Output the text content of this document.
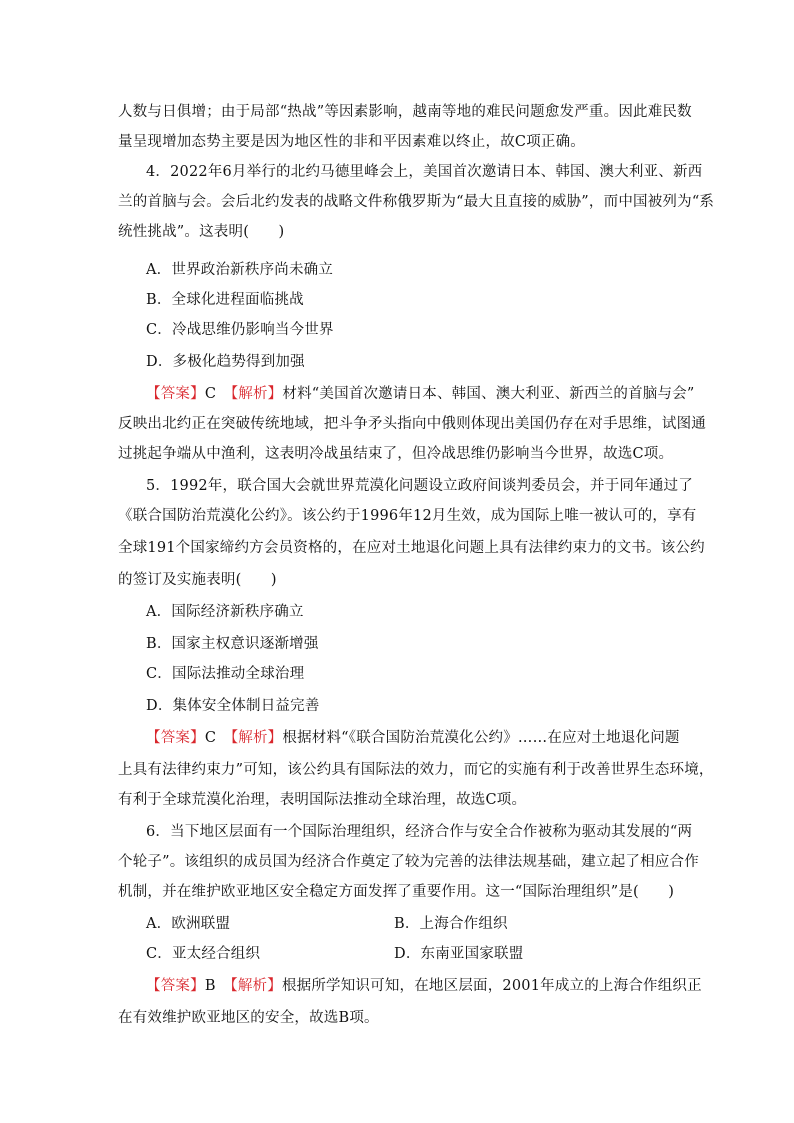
人数与日俱增；由于局部“热战”等因素影响，越南等地的难民问题愈发严重。因此难民数
量呈现增加态势主要是因为地区性的非和平因素难以终止，故C项正确。
4．2022年6月举行的北约马德里峰会上，美国首次邀请日本、韩国、澳大利亚、新西
兰的首脑与会。会后北约发表的战略文件称俄罗斯为“最大且直接的威胁”，而中国被列为“系
统性挑战”。这表明(　　)
A．世界政治新秩序尚未确立
B．全球化进程面临挑战
C．冷战思维仍影响当今世界
D．多极化趋势得到加强
【答案】C　 【解析】材料“美国首次邀请日本、韩国、澳大利亚、新西兰的首脑与会”
反映出北约正在突破传统地域，把斗争矛头指向中俄则体现出美国仍存在对手思维，试图通
过挑起争端从中渔利，这表明冷战虽结束了，但冷战思维仍影响当今世界，故选C项。
5．1992年，联合国大会就世界荒漠化问题设立政府间谈判委员会，并于同年通过了
《联合国防治荒漠化公约》。该公约于1996年12月生效，成为国际上唯一被认可的，享有
全球191个国家缔约方会员资格的，在应对土地退化问题上具有法律约束力的文书。该公约
的签订及实施表明(　　)
A．国际经济新秩序确立
B．国家主权意识逐渐增强
C．国际法推动全球治理
D．集体安全体制日益完善
【答案】C　 【解析】根据材料“《联合国防治荒漠化公约》……在应对土地退化问题
上具有法律约束力”可知，该公约具有国际法的效力，而它的实施有利于改善世界生态环境，
有利于全球荒漠化治理，表明国际法推动全球治理，故选C项。
6．当下地区层面有一个国际治理组织，经济合作与安全合作被称为驱动其发展的“两
个轮子”。该组织的成员国为经济合作奠定了较为完善的法律法规基础，建立起了相应合作
机制，并在维护欧亚地区安全稳定方面发挥了重要作用。这一“国际治理组织”是(　　)
A．欧洲联盟	B．上海合作组织
C．亚太经合组织	D．东南亚国家联盟
【答案】B　 【解析】根据所学知识可知，在地区层面，2001年成立的上海合作组织正
在有效维护欧亚地区的安全，故选B项。
